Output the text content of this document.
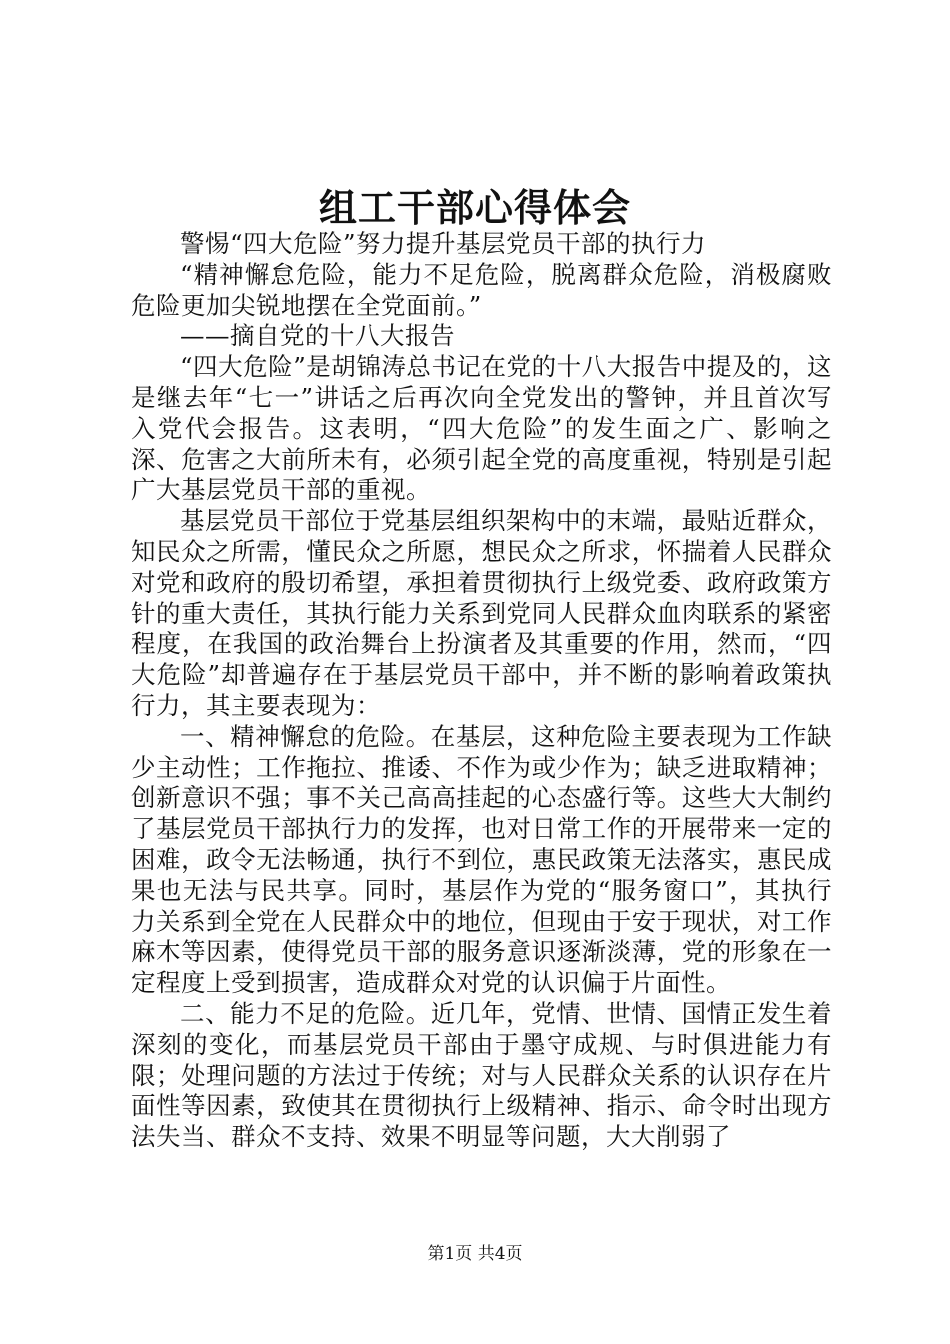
组工干部心得体会

警惕“四大危险”努力提升基层党员干部的执行力

“精神懈怠危险，能力不足危险，脱离群众危险，消极腐败危险更加尖锐地摆在全党面前。”

——摘自党的十八大报告

“四大危险”是胡锦涛总书记在党的十八大报告中提及的，这是继去年“七一”讲话之后再次向全党发出的警钟，并且首次写入党代会报告。这表明，“四大危险”的发生面之广、影响之深、危害之大前所未有，必须引起全党的高度重视，特别是引起广大基层党员干部的重视。

基层党员干部位于党基层组织架构中的末端，最贴近群众，知民众之所需，懂民众之所愿，想民众之所求，怀揣着人民群众对党和政府的殷切希望，承担着贯彻执行上级党委、政府政策方针的重大责任，其执行能力关系到党同人民群众血肉联系的紧密程度，在我国的政治舞台上扮演者及其重要的作用，然而，“四大危险”却普遍存在于基层党员干部中，并不断的影响着政策执行力，其主要表现为：

一、精神懈怠的危险。在基层，这种危险主要表现为工作缺少主动性；工作拖拉、推诿、不作为或少作为；缺乏进取精神；创新意识不强；事不关己高高挂起的心态盛行等。这些大大制约了基层党员干部执行力的发挥，也对日常工作的开展带来一定的困难，政令无法畅通，执行不到位，惠民政策无法落实，惠民成果也无法与民共享。同时，基层作为党的“服务窗口”，其执行力关系到全党在人民群众中的地位，但现由于安于现状，对工作麻木等因素，使得党员干部的服务意识逐渐淡薄，党的形象在一定程度上受到损害，造成群众对党的认识偏于片面性。

二、能力不足的危险。近几年，党情、世情、国情正发生着深刻的变化，而基层党员干部由于墨守成规、与时俱进能力有限；处理问题的方法过于传统；对与人民群众关系的认识存在片面性等因素，致使其在贯彻执行上级精神、指示、命令时出现方法失当、群众不支持、效果不明显等问题，大大削弱了

第1页 共4页
